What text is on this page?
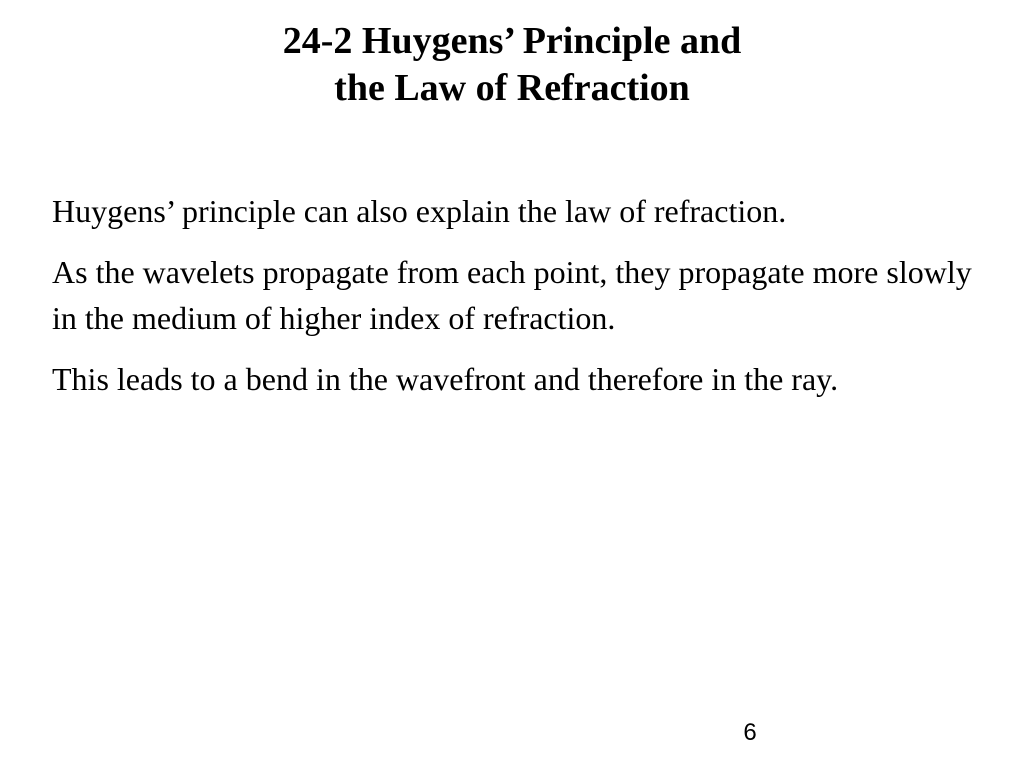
24-2 Huygens’ Principle and
the Law of Refraction

Huygens’ principle can also explain the law of refraction.

As the wavelets propagate from each point, they propagate more slowly in the medium of higher index of refraction.

This leads to a bend in the wavefront and therefore in the ray.

6
